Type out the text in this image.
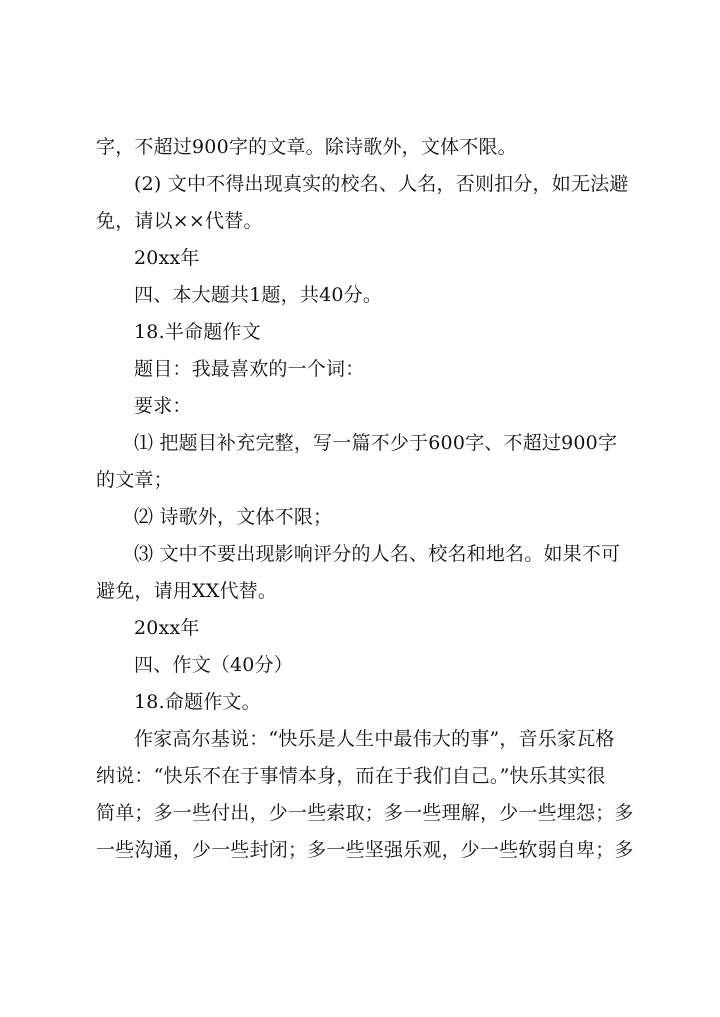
字，不超过900字的文章。除诗歌外，文体不限。
(2) 文中不得出现真实的校名、人名，否则扣分，如无法避
免，请以××代替。
20xx年
四、本大题共1题，共40分。
18.半命题作文
题目：我最喜欢的一个词：
要求：
⑴ 把题目补充完整，写一篇不少于600字、不超过900字
的文章；
⑵ 诗歌外，文体不限；
⑶ 文中不要出现影响评分的人名、校名和地名。如果不可
避免，请用XX代替。
20xx年
四、作文（40分）
18.命题作文。
作家高尔基说：“快乐是人生中最伟大的事”，音乐家瓦格
纳说：“快乐不在于事情本身，而在于我们自己。”快乐其实很
简单；多一些付出，少一些索取；多一些理解，少一些埋怨；多
一些沟通，少一些封闭；多一些坚强乐观，少一些软弱自卑；多
